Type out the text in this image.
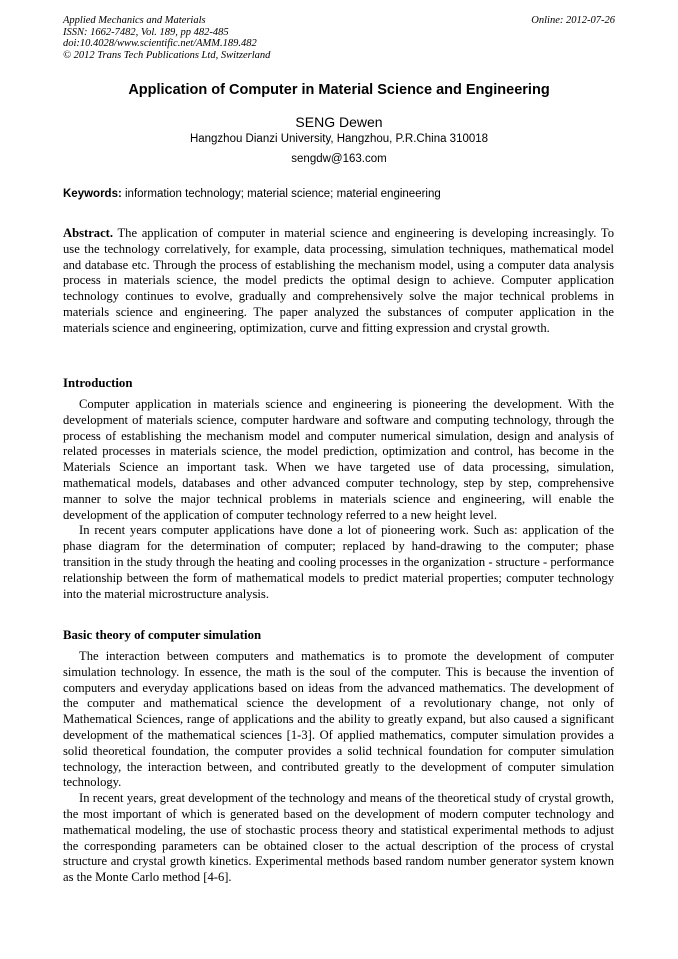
Applied Mechanics and Materials
ISSN: 1662-7482, Vol. 189, pp 482-485
doi:10.4028/www.scientific.net/AMM.189.482
© 2012 Trans Tech Publications Ltd, Switzerland
Online: 2012-07-26
Application of Computer in Material Science and Engineering
SENG Dewen
Hangzhou Dianzi University, Hangzhou, P.R.China 310018
sengdw@163.com
Keywords: information technology; material science; material engineering

Abstract. The application of computer in material science and engineering is developing increasingly. To use the technology correlatively, for example, data processing, simulation techniques, mathematical model and database etc. Through the process of establishing the mechanism model, using a computer data analysis process in materials science, the model predicts the optimal design to achieve. Computer application technology continues to evolve, gradually and comprehensively solve the major technical problems in materials science and engineering. The paper analyzed the substances of computer application in the materials science and engineering, optimization, curve and fitting expression and crystal growth.

Introduction

Computer application in materials science and engineering is pioneering the development. With the development of materials science, computer hardware and software and computing technology, through the process of establishing the mechanism model and computer numerical simulation, design and analysis of related processes in materials science, the model prediction, optimization and control, has become in the Materials Science an important task. When we have targeted use of data processing, simulation, mathematical models, databases and other advanced computer technology, step by step, comprehensive manner to solve the major technical problems in materials science and engineering, will enable the development of the application of computer technology referred to a new height level.

In recent years computer applications have done a lot of pioneering work. Such as: application of the phase diagram for the determination of computer; replaced by hand-drawing to the computer; phase transition in the study through the heating and cooling processes in the organization - structure - performance relationship between the form of mathematical models to predict material properties; computer technology into the material microstructure analysis.

Basic theory of computer simulation

The interaction between computers and mathematics is to promote the development of computer simulation technology. In essence, the math is the soul of the computer. This is because the invention of computers and everyday applications based on ideas from the advanced mathematics. The development of the computer and mathematical science the development of a revolutionary change, not only of Mathematical Sciences, range of applications and the ability to greatly expand, but also caused a significant development of the mathematical sciences [1-3]. Of applied mathematics, computer simulation provides a solid theoretical foundation, the computer provides a solid technical foundation for computer simulation technology, the interaction between, and contributed greatly to the development of computer simulation technology.

In recent years, great development of the technology and means of the theoretical study of crystal growth, the most important of which is generated based on the development of modern computer technology and mathematical modeling, the use of stochastic process theory and statistical experimental methods to adjust the corresponding parameters can be obtained closer to the actual description of the process of crystal structure and crystal growth kinetics. Experimental methods based random number generator system known as the Monte Carlo method [4-6].
